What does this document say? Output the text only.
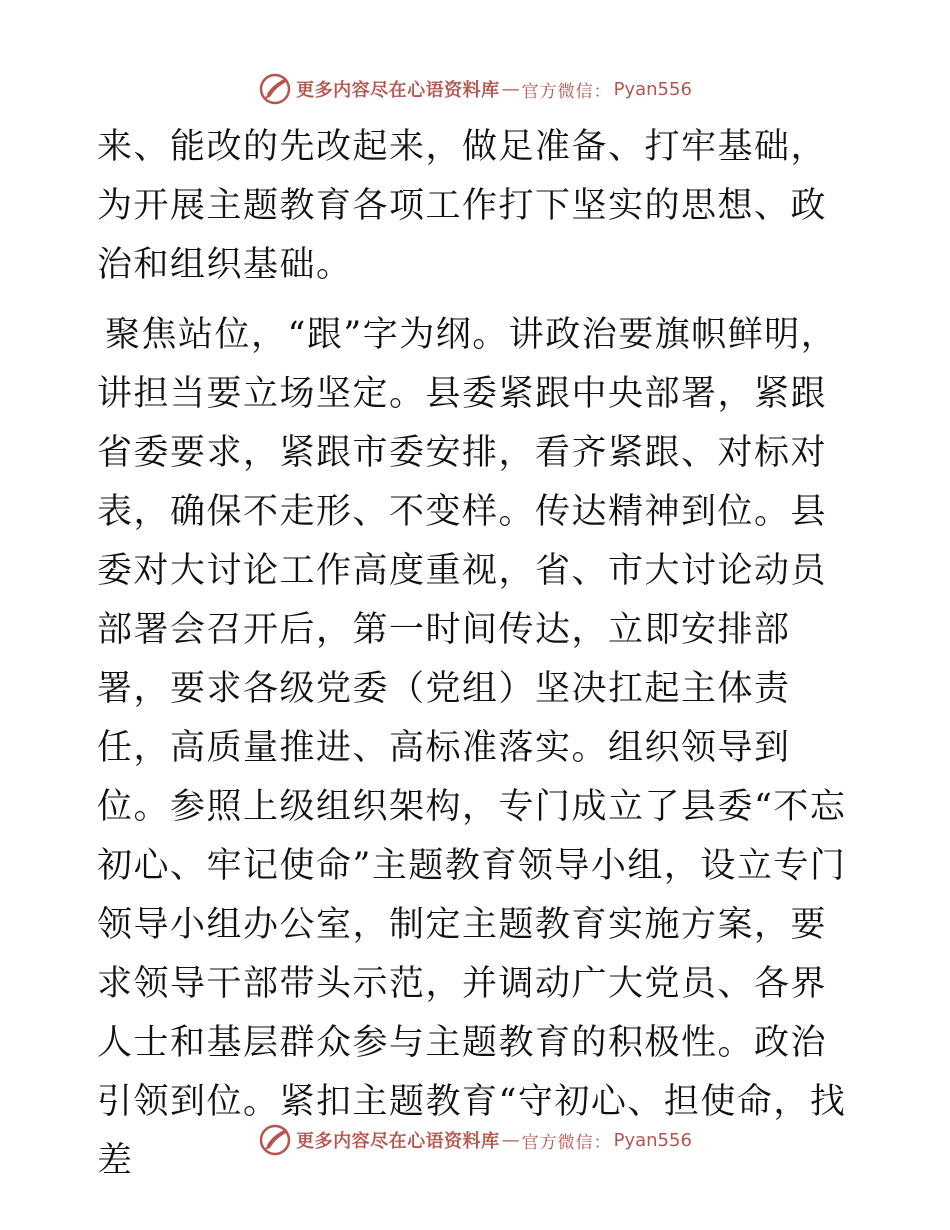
更多内容尽在心语资料库 — 官方微信： Pyan556

来、能改的先改起来，做足准备、打牢基础，为开展主题教育各项工作打下坚实的思想、政治和组织基础。

聚焦站位，“跟”字为纲。讲政治要旗帜鲜明，讲担当要立场坚定。县委紧跟中央部署，紧跟省委要求，紧跟市委安排，看齐紧跟、对标对表，确保不走形、不变样。传达精神到位。县委对大讨论工作高度重视，省、市大讨论动员部署会召开后，第一时间传达，立即安排部署，要求各级党委（党组）坚决扛起主体责任，高质量推进、高标准落实。组织领导到位。参照上级组织架构，专门成立了县委“不忘初心、牢记使命”主题教育领导小组，设立专门领导小组办公室，制定主题教育实施方案，要求领导干部带头示范，并调动广大党员、各界人士和基层群众参与主题教育的积极性。政治引领到位。紧扣主题教育“守初心、担使命，找差	更多内容尽在心语资料库 — 官方微信： Pyan556
